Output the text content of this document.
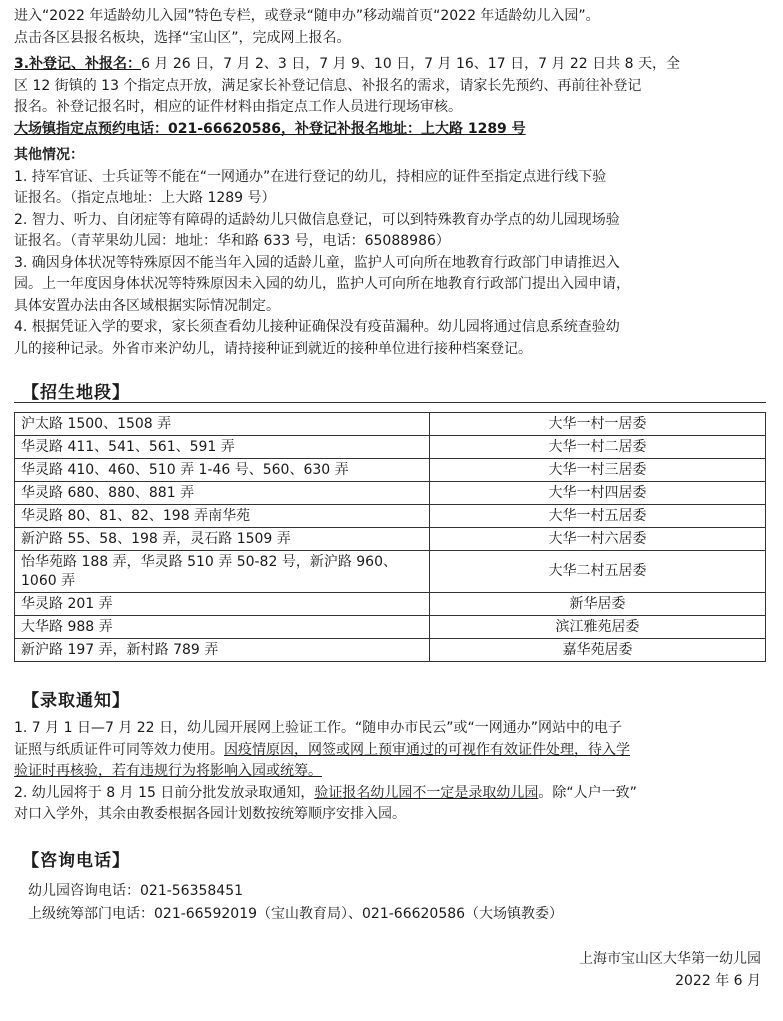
进入“2022 年适龄幼儿入园”特色专栏，或登录“随申办”移动端首页“2022 年适龄幼儿入园”。
点击各区县报名板块，选择“宝山区”，完成网上报名。
3.补登记、补报名：6 月 26 日，7 月 2、3 日，7 月 9、10 日，7 月 16、17 日，7 月 22 日共 8 天，全
区 12 街镇的 13 个指定点开放，满足家长补登记信息、补报名的需求，请家长先预约、再前往补登记
报名。补登记报名时，相应的证件材料由指定点工作人员进行现场审核。
大场镇指定点预约电话：021-66620586，补登记补报名地址：上大路 1289 号
其他情况：
1. 持军官证、士兵证等不能在“一网通办”在进行登记的幼儿，持相应的证件至指定点进行线下验
证报名。（指定点地址：上大路 1289 号）
2. 智力、听力、自闭症等有障碍的适龄幼儿只做信息登记，可以到特殊教育办学点的幼儿园现场验
证报名。（青苹果幼儿园：地址：华和路 633 号，电话：65088986）
3. 确因身体状况等特殊原因不能当年入园的适龄儿童，监护人可向所在地教育行政部门申请推迟入
园。上一年度因身体状况等特殊原因未入园的幼儿，监护人可向所在地教育行政部门提出入园申请，
具体安置办法由各区域根据实际情况制定。
4. 根据凭证入学的要求，家长须查看幼儿接种证确保没有疫苗漏种。幼儿园将通过信息系统查验幼
儿的接种记录。外省市来沪幼儿，请持接种证到就近的接种单位进行接种档案登记。
【招生地段】
沪太路 1500、1508 弄	大华一村一居委
华灵路 411、541、561、591 弄	大华一村二居委
华灵路 410、460、510 弄 1-46 号、560、630 弄	大华一村三居委
华灵路 680、880、881 弄	大华一村四居委
华灵路 80、81、82、198 弄南华苑	大华一村五居委
新沪路 55、58、198 弄，灵石路 1509 弄	大华一村六居委
怡华苑路 188 弄，华灵路 510 弄 50-82 号，新沪路 960、1060 弄	大华二村五居委
华灵路 201 弄	新华居委
大华路 988 弄	滨江雅苑居委
新沪路 197 弄，新村路 789 弄	嘉华苑居委
【录取通知】
1. 7 月 1 日—7 月 22 日，幼儿园开展网上验证工作。“随申办市民云”或“一网通办”网站中的电子
证照与纸质证件可同等效力使用。因疫情原因，网签或网上预审通过的可视作有效证件处理，待入学
验证时再核验，若有违规行为将影响入园或统筹。
2. 幼儿园将于 8 月 15 日前分批发放录取通知，验证报名幼儿园不一定是录取幼儿园。除“人户一致”
对口入学外，其余由教委根据各园计划数按统筹顺序安排入园。
【咨询电话】
幼儿园咨询电话：021-56358451
上级统筹部门电话：021-66592019（宝山教育局）、021-66620586（大场镇教委）
上海市宝山区大华第一幼儿园
2022 年 6 月
